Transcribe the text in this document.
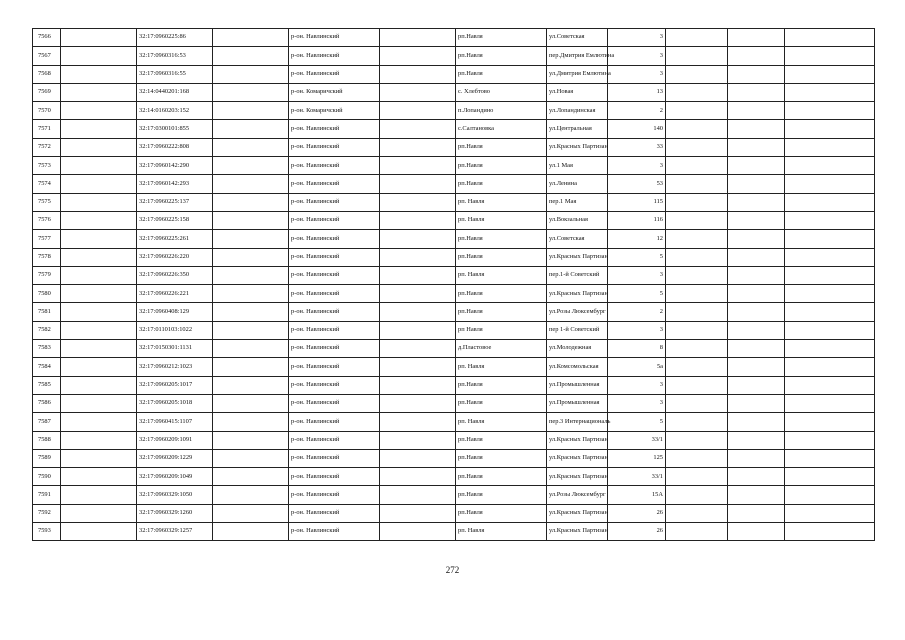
7566		32:17:0960225:86		р-он. Навлинский		рп.Навля	ул.Советская	3			
7567		32:17:0960316:53		р-он. Навлинский		рп.Навля	пер.Дмитрия Емлютина	3			
7568		32:17:0960316:55		р-он. Навлинский		рп.Навля	ул.Дмитрия Емлютина	3			
7569		32:14:0440201:168		р-он. Комаричский		с. Хлебтово	ул.Новая	13			
7570		32:14:0160203:152		р-он. Комаричский		п.Лопандино	ул.Лопандинская	2			
7571		32:17:0300101:855		р-он. Навлинский		с.Салтановка	ул.Центральная	140			
7572		32:17:0960222:808		р-он. Навлинский		рп.Навля	ул.Красных Партизан	33			
7573		32:17:0960142:290		р-он. Навлинский		рп.Навля	ул.1 Мая	3			
7574		32:17:0960142:293		р-он. Навлинский		рп.Навля	ул.Ленина	53			
7575		32:17:0960225:137		р-он. Навлинский		рп. Навля	пер.1 Мая	115			
7576		32:17:0960225:158		р-он. Навлинский		рп. Навля	ул.Вокзальная	116			
7577		32:17:0960225:261		р-он. Навлинский		рп.Навля	ул.Советская	12			
7578		32:17:0960226:220		р-он. Навлинский		рп.Навля	ул.Красных Партизан	5			
7579		32:17:0960226:350		р-он. Навлинский		рп. Навля	пер.1-й Советский	3			
7580		32:17:0960226:221		р-он. Навлинский		рп.Навля	ул.Красных Партизан	5			
7581		32:17:0960408:129		р-он. Навлинский		рп.Навля	ул.Розы Люксембург	2			
7582		32:17:0110103:1022		р-он. Навлинский		рп Навля	пер 1-й Советский	3			
7583		32:17:0150301:1131		р-он. Навлинский		д.Пластовое	ул.Молодежная	8			
7584		32:17:0960212:1023		р-он. Навлинский		рп. Навля	ул.Комсомольская	5а			
7585		32:17:0960205:1017		р-он. Навлинский		рп.Навля	ул.Промышленная	3			
7586		32:17:0960205:1018		р-он. Навлинский		рп.Навля	ул.Промышленная	3			
7587		32:17:0960415:1107		р-он. Навлинский		рп. Навля	пер.3 Интернациональ	5			
7588		32:17:0960209:1091		р-он. Навлинский		рп.Навля	ул.Красных Партизан	33/1			
7589		32:17:0960209:1229		р-он. Навлинский		рп.Навля	ул.Красных Партизан	125			
7590		32:17:0960209:1049		р-он. Навлинский		рп.Навля	ул.Красных Партизан	33/1			
7591		32:17:0960329:1050		р-он. Навлинский		рп.Навля	ул.Розы Люксембург	15А			
7592		32:17:0960329:1260		р-он. Навлинский		рп.Навля	ул.Красных Партизан	26			
7593		32:17:0960329:1257		р-он. Навлинский		рп. Навля	ул.Красных Партизан	26			
272
